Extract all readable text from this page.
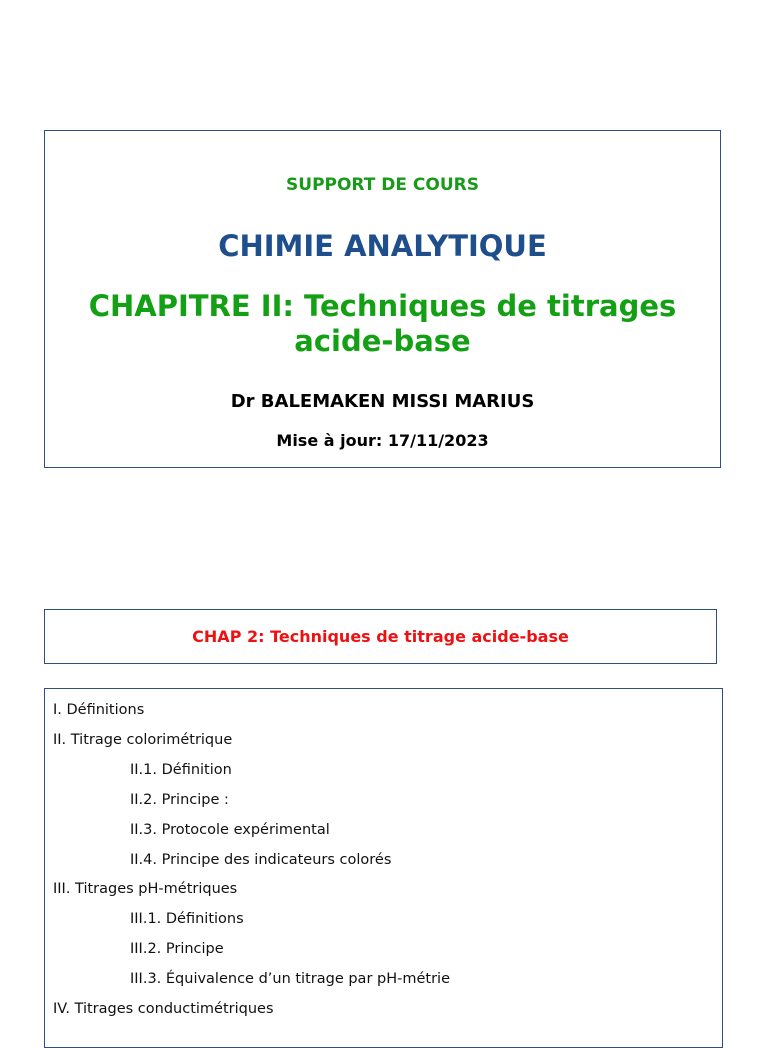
SUPPORT DE COURS
CHIMIE ANALYTIQUE
CHAPITRE II: Techniques de titrages acide-base
Dr BALEMAKEN MISSI MARIUS
Mise à jour: 17/11/2023
CHAP 2: Techniques de titrage acide-base
I. Définitions
II. Titrage colorimétrique
II.1. Définition
II.2. Principe :
II.3. Protocole expérimental
II.4. Principe des indicateurs colorés
III. Titrages pH-métriques
III.1. Définitions
III.2. Principe
III.3. Équivalence d’un titrage par pH-métrie
IV. Titrages conductimétriques
